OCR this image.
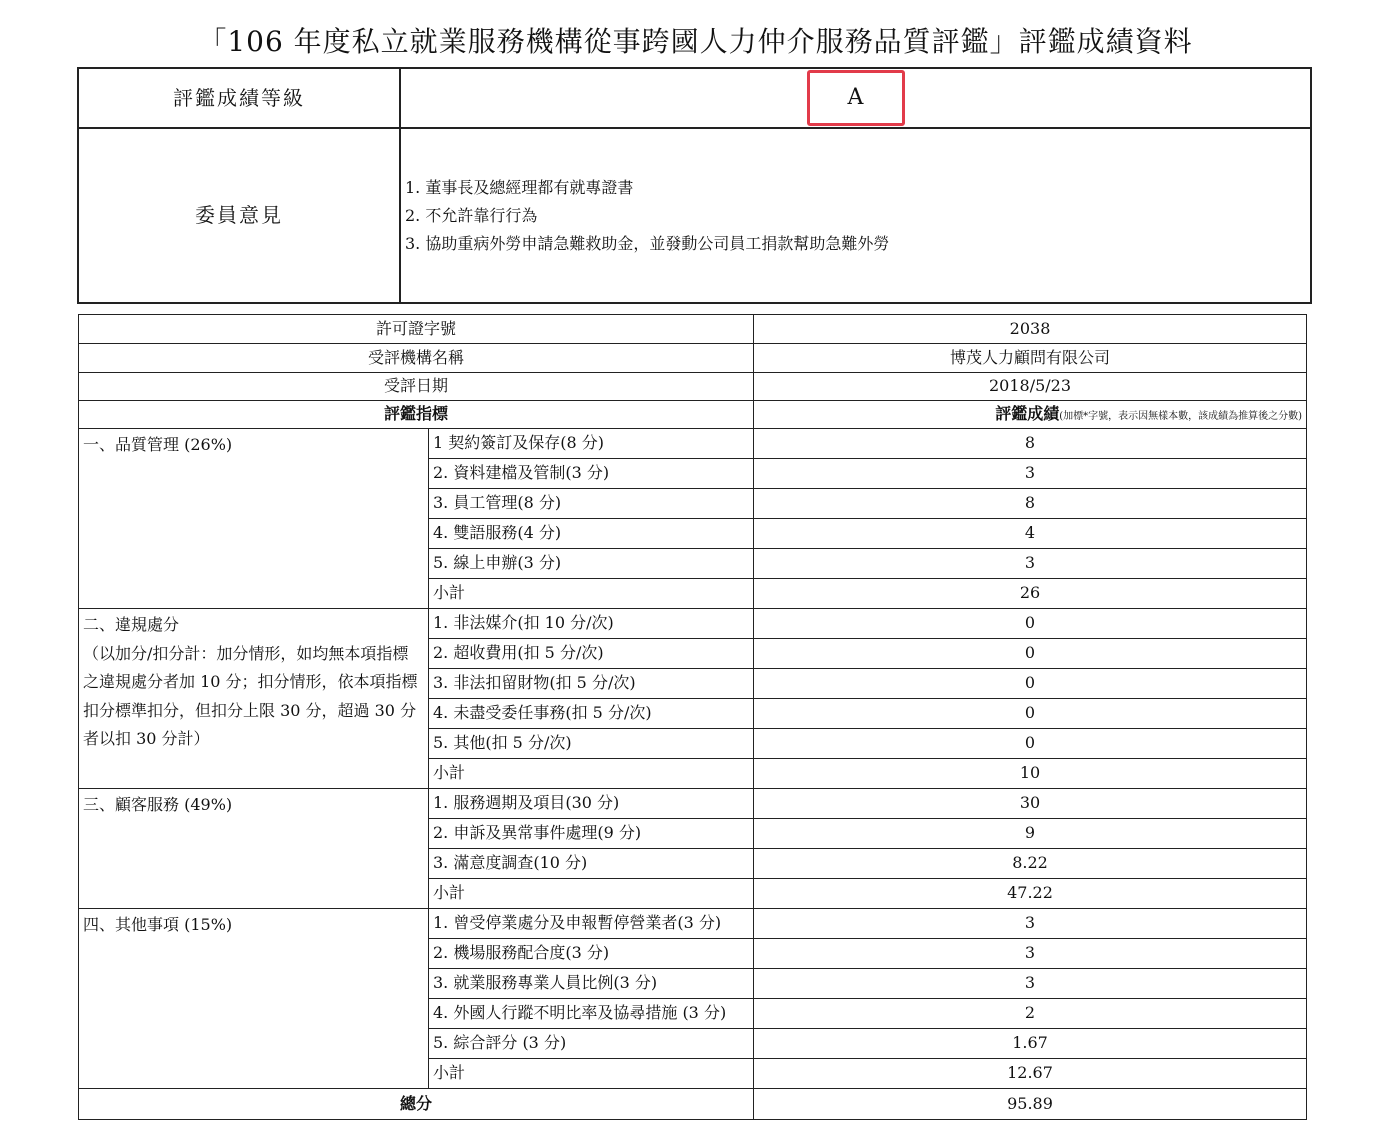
「106 年度私立就業服務機構從事跨國人力仲介服務品質評鑑」評鑑成績資料
評鑑成績等級	A
委員意見	1. 董事長及總經理都有就專證書
2. 不允許靠行行為
3. 協助重病外勞申請急難救助金，並發動公司員工捐款幫助急難外勞
許可證字號		2038
受評機構名稱		博茂人力顧問有限公司
受評日期		2018/5/23
評鑑指標		評鑑成績(加標*字號，表示因無樣本數，該成績為推算後之分數)

一、品質管理 (26%)	1 契約簽訂及保存(8 分)	8
	2. 資料建檔及管制(3 分)	3
	3. 員工管理(8 分)	8
	4. 雙語服務(4 分)	4
	5. 線上申辦(3 分)	3
	小計	26

二、違規處分
（以加分/扣分計：加分情形，如均無本項指標之違規處分者加 10 分；扣分情形，依本項指標扣分標準扣分，但扣分上限 30 分，超過 30 分者以扣 30 分計）	1. 非法媒介(扣 10 分/次)	0
	2. 超收費用(扣 5 分/次)	0
	3. 非法扣留財物(扣 5 分/次)	0
	4. 未盡受委任事務(扣 5 分/次)	0
	5. 其他(扣 5 分/次)	0
	小計	10

三、顧客服務 (49%)	1. 服務週期及項目(30 分)	30
	2. 申訴及異常事件處理(9 分)	9
	3. 滿意度調查(10 分)	8.22
	小計	47.22

四、其他事項 (15%)	1. 曾受停業處分及申報暫停營業者(3 分)	3
	2. 機場服務配合度(3 分)	3
	3. 就業服務專業人員比例(3 分)	3
	4. 外國人行蹤不明比率及協尋措施 (3 分)	2
	5. 綜合評分 (3 分)	1.67
	小計	12.67
總分		95.89
